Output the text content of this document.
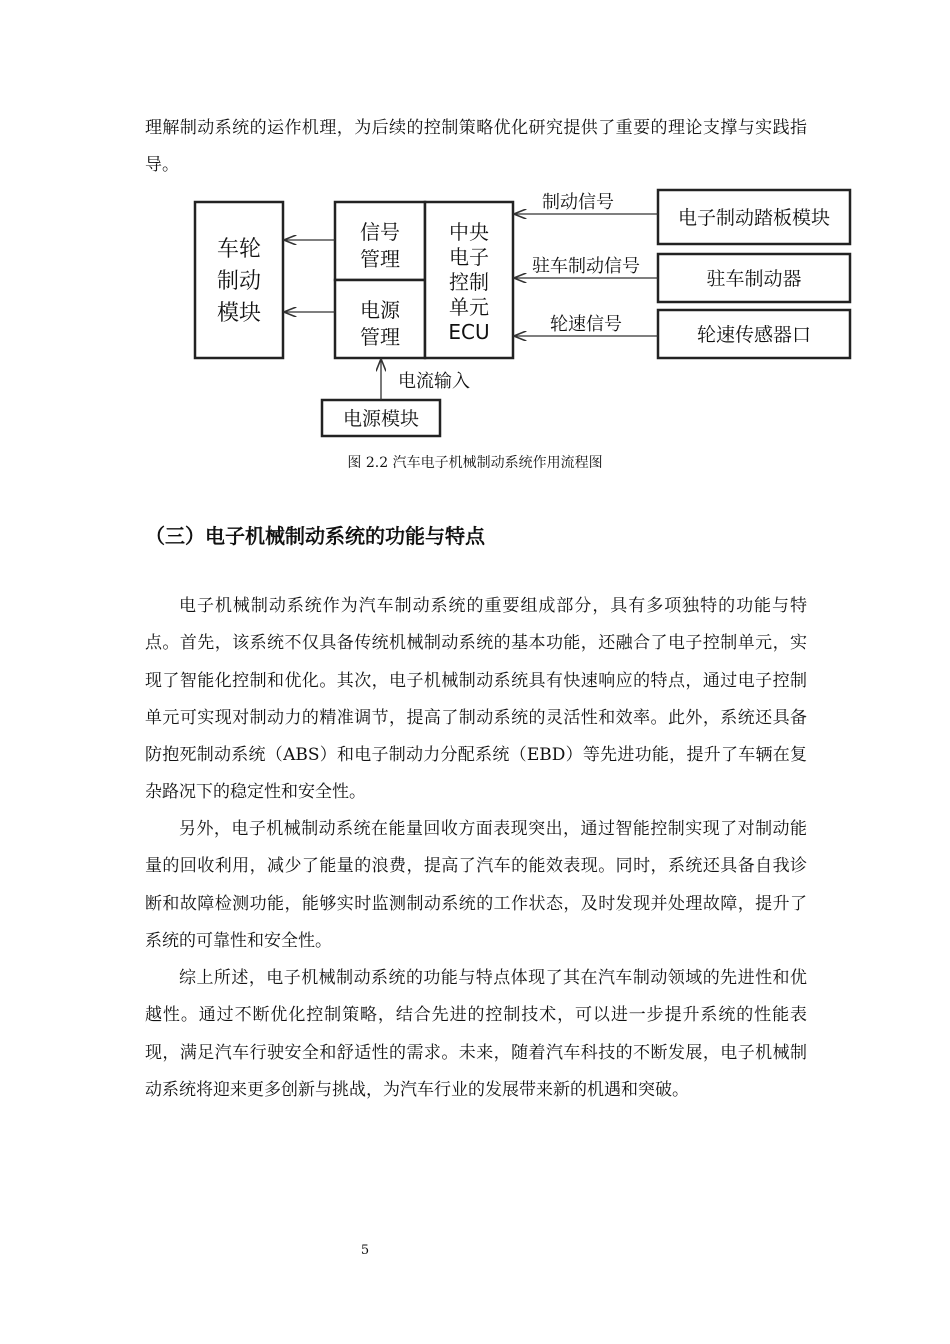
理解制动系统的运作机理，为后续的控制策略优化研究提供了重要的理论支撑与实践指导。

车轮
制动
模块
信号
管理
电源
管理
中央
电子
控制
单元
ECU
电子制动踏板模块
驻车制动器
轮速传感器口
电源模块
制动信号
驻车制动信号
轮速信号
电流输入
图 2.2 汽车电子机械制动系统作用流程图
（三）电子机械制动系统的功能与特点

电子机械制动系统作为汽车制动系统的重要组成部分，具有多项独特的功能与特点。首先，该系统不仅具备传统机械制动系统的基本功能，还融合了电子控制单元，实现了智能化控制和优化。其次，电子机械制动系统具有快速响应的特点，通过电子控制单元可实现对制动力的精准调节，提高了制动系统的灵活性和效率。此外，系统还具备防抱死制动系统（ABS）和电子制动力分配系统（EBD）等先进功能，提升了车辆在复杂路况下的稳定性和安全性。

另外，电子机械制动系统在能量回收方面表现突出，通过智能控制实现了对制动能量的回收利用，减少了能量的浪费，提高了汽车的能效表现。同时，系统还具备自我诊断和故障检测功能，能够实时监测制动系统的工作状态，及时发现并处理故障，提升了系统的可靠性和安全性。

综上所述，电子机械制动系统的功能与特点体现了其在汽车制动领域的先进性和优越性。通过不断优化控制策略，结合先进的控制技术，可以进一步提升系统的性能表现，满足汽车行驶安全和舒适性的需求。未来，随着汽车科技的不断发展，电子机械制动系统将迎来更多创新与挑战，为汽车行业的发展带来新的机遇和突破。

5
